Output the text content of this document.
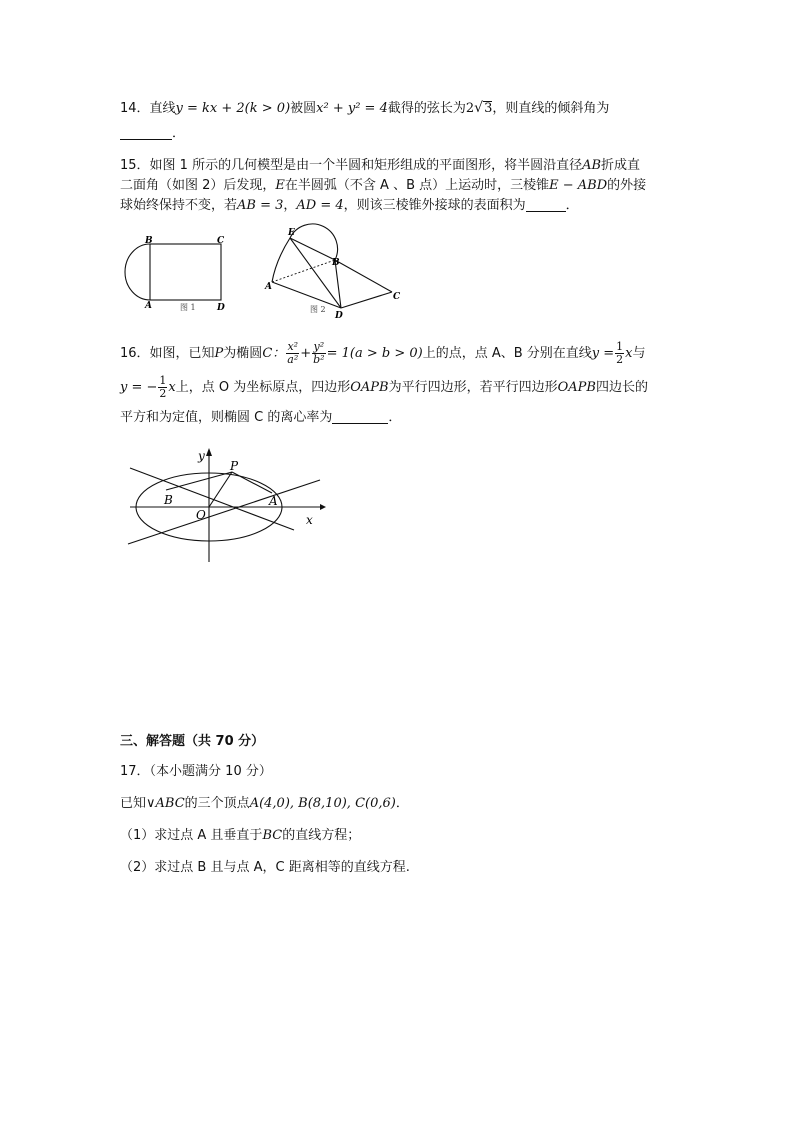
14．直线y = kx + 2(k > 0)被圆x² + y² = 4截得的弦长为2√3，则直线的倾斜角为
．
15．如图 1 所示的几何模型是由一个半圆和矩形组成的平面图形，将半圆沿直径AB折成直
二面角（如图 2）后发现，E在半圆弧（不含 A 、B 点）上运动时，三棱锥E − ABD的外接
球始终保持不变，若AB = 3，AD = 4，则该三棱锥外接球的表面积为	．
B	C
A	D
图 1
E
B
A
C
D
图 2
16．如图，已知P为椭圆C： $\frac{\text{x²}}{\text{a²}} + \frac{\text{y²}}{\text{b²}} = 1(a > b > 0)$上的点，点 A、B 分别在直线$y = \frac{1}{2}$ x与
y = − $\frac{1}{2}$ x上，点 O 为坐标原点，四边形OAPB为平行四边形，若平行四边形OAPB四边长的
平方和为定值，则椭圆 C 的离心率为	．
y
P
B
O
A
x
三、解答题（共 70 分）
17．（本小题满分 10 分）
已知∨ABC的三个顶点A(4,0), B(8,10), C(0,6)．
（1）求过点 A 且垂直于BC的直线方程；
（2）求过点 B 且与点 A，C 距离相等的直线方程.
